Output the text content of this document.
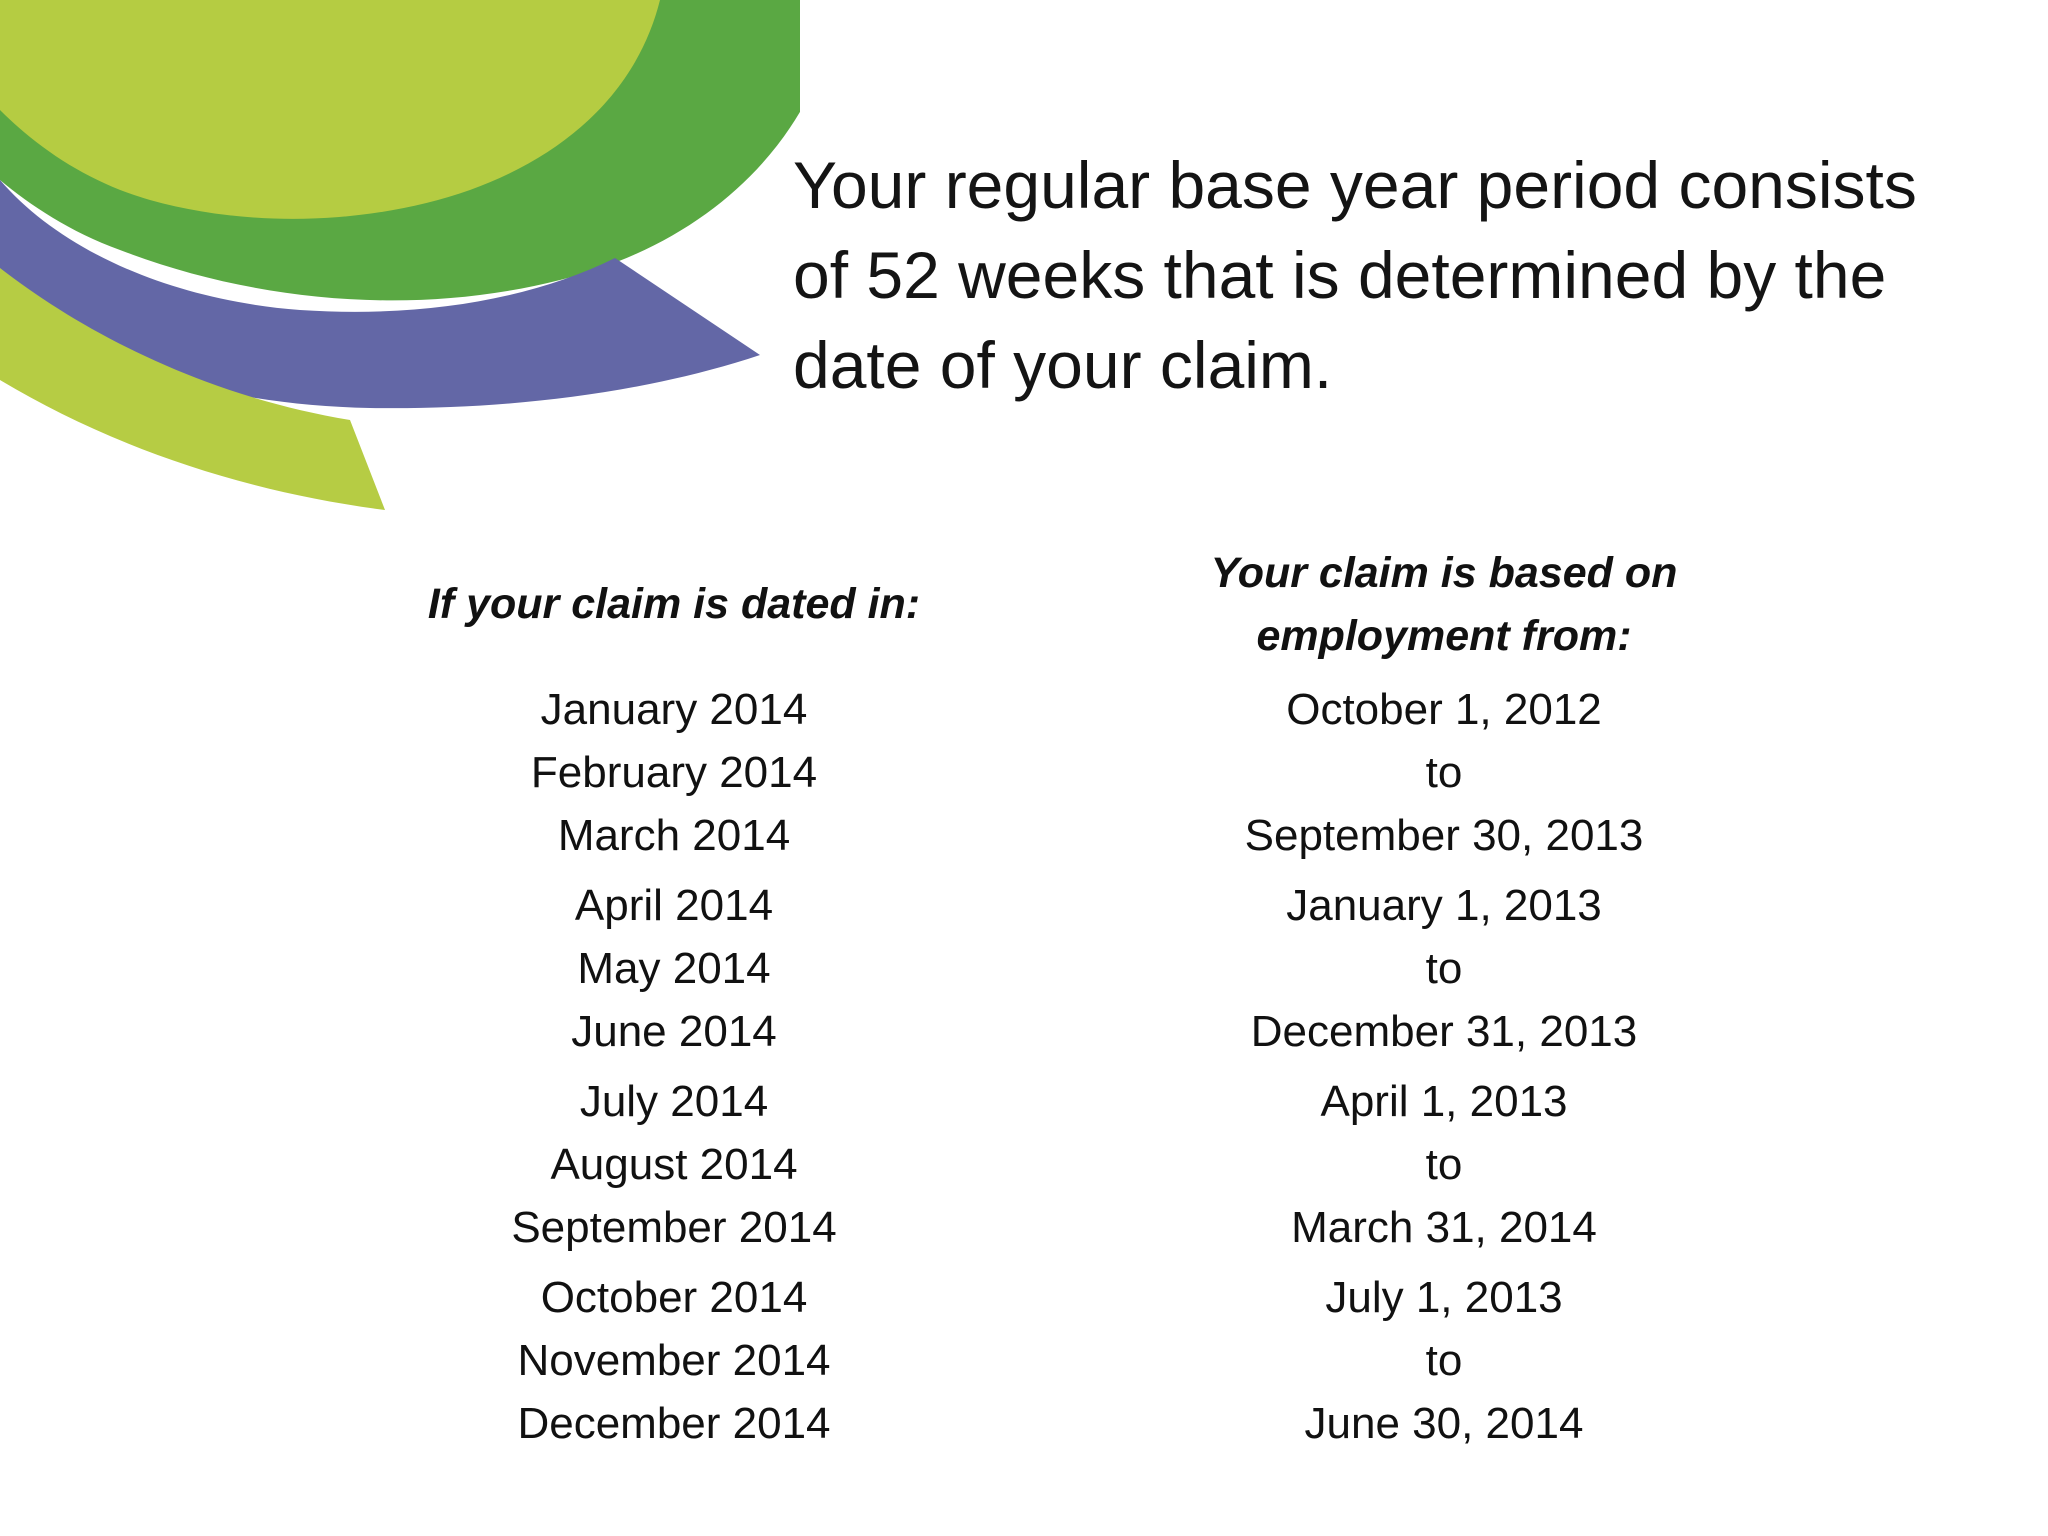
Your regular base year period consists of 52 weeks that is determined by the date of your claim.

If your claim is dated in:
Your claim is based on employment from:
January 2014
February 2014
March 2014
October 1, 2012
to
September 30, 2013
April 2014
May 2014
June 2014
January 1, 2013
to
December 31, 2013
July 2014
August 2014
September 2014
April 1, 2013
to
March 31, 2014
October 2014
November 2014
December 2014
July 1, 2013
to
June 30, 2014
